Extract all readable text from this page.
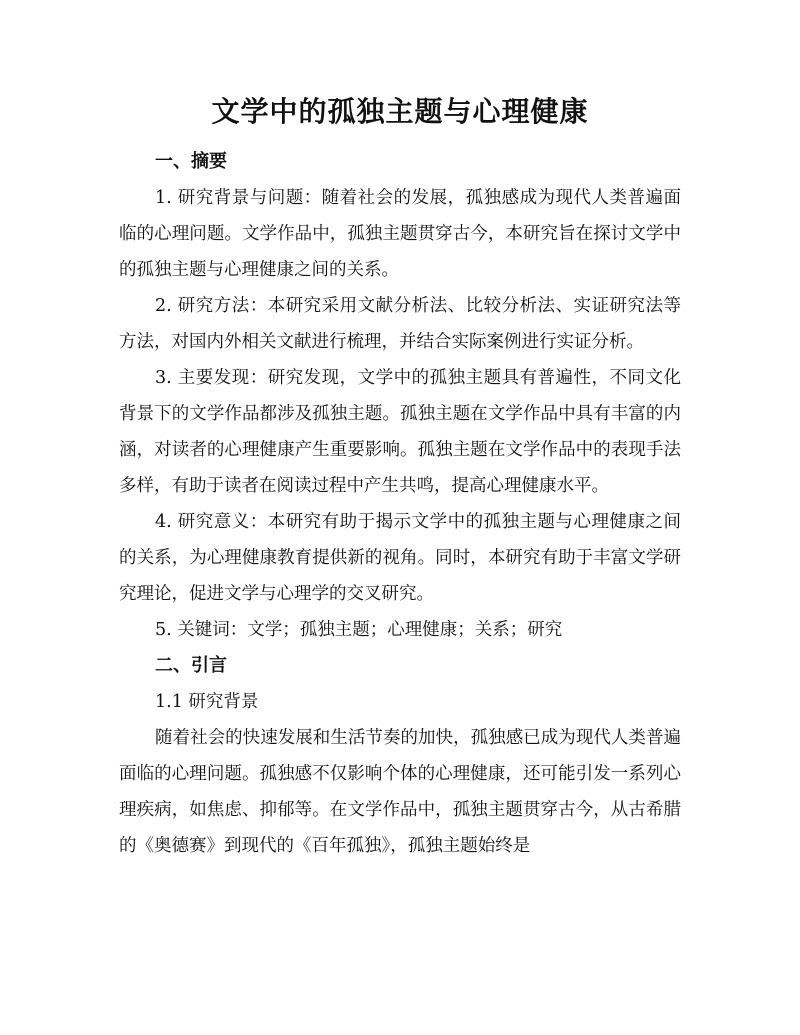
文学中的孤独主题与心理健康

一、摘要

1. 研究背景与问题：随着社会的发展，孤独感成为现代人类普遍面临的心理问题。文学作品中，孤独主题贯穿古今，本研究旨在探讨文学中的孤独主题与心理健康之间的关系。

2. 研究方法：本研究采用文献分析法、比较分析法、实证研究法等方法，对国内外相关文献进行梳理，并结合实际案例进行实证分析。

3. 主要发现：研究发现，文学中的孤独主题具有普遍性，不同文化背景下的文学作品都涉及孤独主题。孤独主题在文学作品中具有丰富的内涵，对读者的心理健康产生重要影响。孤独主题在文学作品中的表现手法多样，有助于读者在阅读过程中产生共鸣，提高心理健康水平。

4. 研究意义：本研究有助于揭示文学中的孤独主题与心理健康之间的关系，为心理健康教育提供新的视角。同时，本研究有助于丰富文学研究理论，促进文学与心理学的交叉研究。

5. 关键词：文学；孤独主题；心理健康；关系；研究

二、引言

1.1 研究背景

随着社会的快速发展和生活节奏的加快，孤独感已成为现代人类普遍面临的心理问题。孤独感不仅影响个体的心理健康，还可能引发一系列心理疾病，如焦虑、抑郁等。在文学作品中，孤独主题贯穿古今，从古希腊的《奥德赛》到现代的《百年孤独》，孤独主题始终是
